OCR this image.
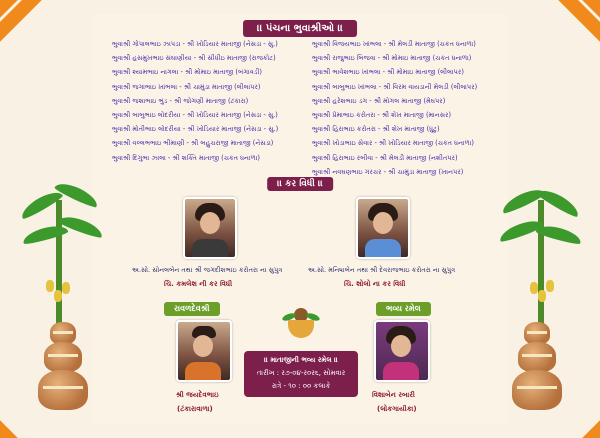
।। પંચના ભુવાશ્રીઓ ।।
ભુવાશ્રી ગોપાલભાઇ ઝાપડા - શ્રી ખોડિયાર માતાજી (નેસડા - સુ.)
ભુવાશ્રી હસમુખભાઇ સંઘાણીયા - શ્રી સીધીઇ માતાજી (રાજકોટ)
ભુવાશ્રી શ્યામભાઇ નાગલા - શ્રી મોમાઇ માતાજી (બંગાવડી)
ભુવાશ્રી જગાભાઇ ખાંભલા - શ્રી ચામુંડા માતાજી (લીલાપર)
ભુવાશ્રી જશાભાઇ ભુંડ - શ્રી જોગણી માતાજી (ટંકારા)
ભુવાશ્રી બાબુભાઇ લોદરીયા - શ્રી ખોડિયાર માતાજી (નેસડા - સુ.)
ભુવાશ્રી મોતીભાઇ લોદરીયા - શ્રી ખોડિયાર માતાજી (નેસડા - સુ.)
ભુવાશ્રી વલ્લભભાઇ ભીમાણી - શ્રી બહુચરાજી માતાજી (નેસડા)
ભુવાશ્રી દિગુભા ઝાલા - શ્રી શક્તિ માતાજી (ચકત ધનાળા)
ભુવાશ્રી વિજયભાઇ ખાંભલા - શ્રી મેલડી માતાજી (ચકત ધનાળા)
ભુવાશ્રી રાજુભાઇ બિજવા - શ્રી મોમાઇ માતાજી (ચકત ધનાળા)
ભુવાશ્રી ભાવેશભાઇ ખાંભલા - શ્રી મોમાઇ માતાજી (લીલાપર)
ભુવાશ્રી બાબુભાઇ ખાંભલા - શ્રી વિરમ વાયડાની મેલડી (લીલાપર)
ભુવાશ્રી હરેશભાઇ ડગ - શ્રી મોગલ માતાજી (મેઘપર)
ભુવાશ્રી પ્રેમાભાઇ કરોતરા - શ્રી શેખ માતાજી (માનસર)
ભુવાશ્રી હિરાભાઇ કરોતરા - શ્રી શેખ માતાજી (ધુંટુ)
ભુવાશ્રી ખોડાભાઇ સેવાર - શ્રી ખોડિયાર માતાજી (ચકત ધનાળા)
ભુવાશ્રી હિરાભાઇ રબીવા - શ્રી મેલડી માતાજી (નશીતપર)
ભુવાશ્રી નવઘણભાઇ ગરચર - શ્રી ચામુંડા માતાજી (ખાનપર)
।। કર વિધી ।।
અ.સો. સોનલબેન તથા શ્રી જગદીશભાઇ કરોતરા ના સુપુત્ર
ચિ. કમલેશ ની કર વિધી
અ.સો. મનિષાબેન તથા શ્રી દેવરાજભાઇ કરોતરા ના સુપુત્ર
ચિ. શોલો ના કર વિધી
રાવળદેવશ્રી
શ્રી જયદેવભાઇ
(ટંકારાવાળા)
।। માતાજીની ભવ્ય રમેલ ।।
તારીખ : ર૭-૦૪-ર૦ર૬, સોમવાર
રાત્રે - ૧૦ : ૦૦ કલાકે
ભવ્ય રમેલ
વિશાબેન રબારી
(લોકગાયીકા)
